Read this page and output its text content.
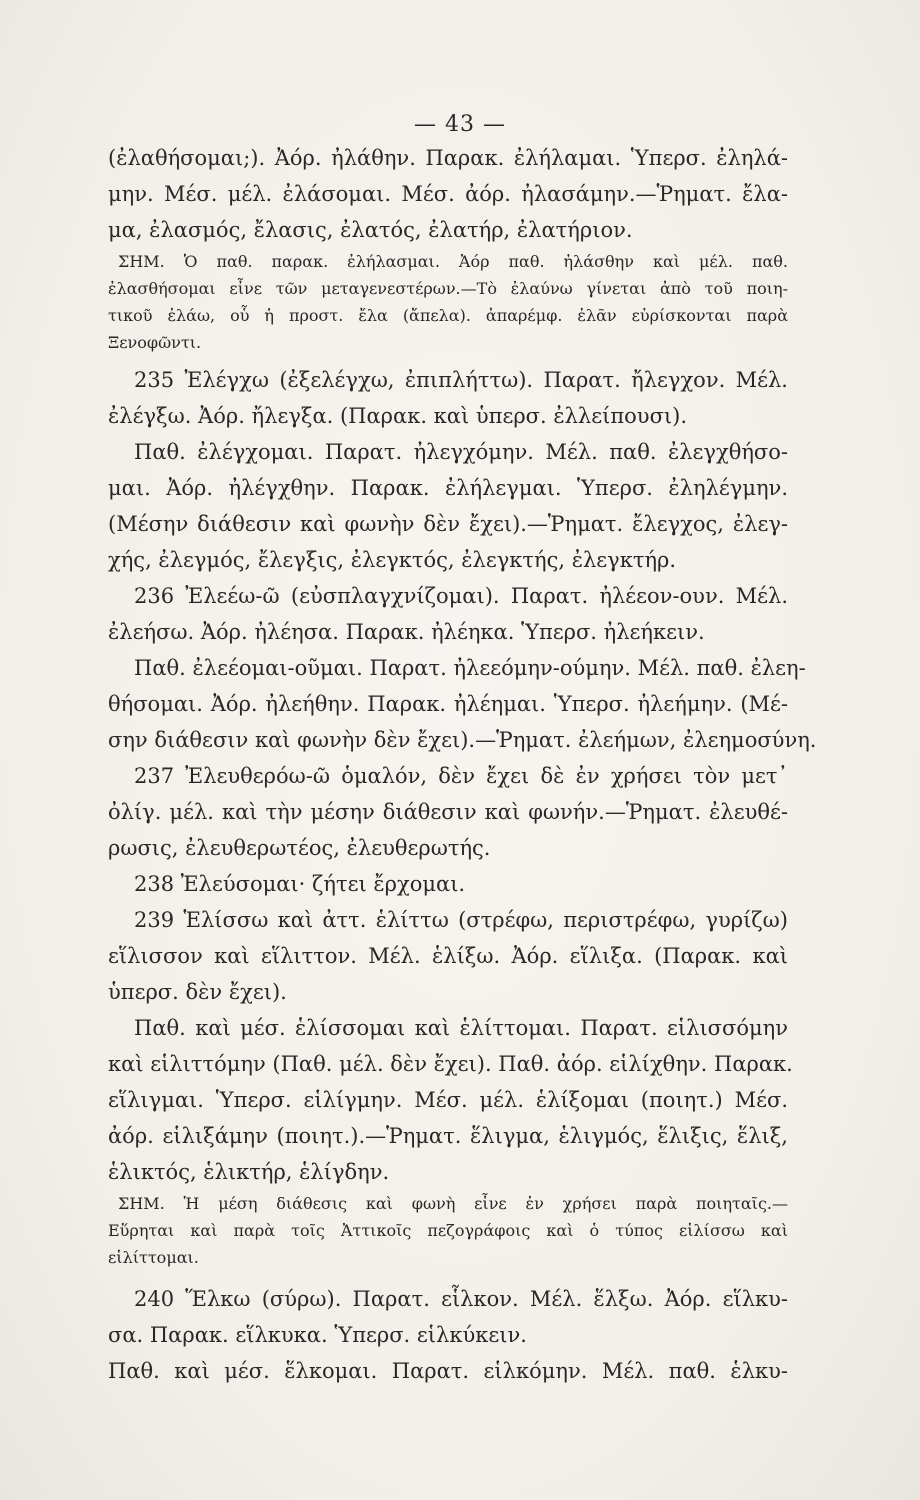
— 43 —
(ἐλαθήσομαι;). Ἀόρ. ἠλάθην. Παρακ. ἐλήλαμαι. Ὑπερσ. ἐληλά-
μην. Μέσ. μέλ. ἐλάσομαι. Μέσ. ἀόρ. ἠλασάμην.—Ῥηματ. ἔλα-
μα, ἐλασμός, ἔλασις, ἐλατός, ἐλατήρ, ἐλατήριον.
ΣΗΜ. Ὁ παθ. παρακ. ἐλήλασμαι. Ἀόρ παθ. ἠλάσθην καὶ μέλ. παθ.
ἐλασθήσομαι εἶνε τῶν μεταγενεστέρων.—Τὸ ἐλαύνω γίνεται ἀπὸ τοῦ ποιη-
τικοῦ ἐλάω, οὗ ἡ προστ. ἔλα (ἄπελα). ἀπαρέμφ. ἐλᾶν εὑρίσκονται παρὰ
Ξενοφῶντι.
235 Ἐλέγχω (ἐξελέγχω, ἐπιπλήττω). Παρατ. ἤλεγχον. Μέλ.
ἐλέγξω. Ἀόρ. ἤλεγξα. (Παρακ. καὶ ὑπερσ. ἐλλείπουσι).
Παθ. ἐλέγχομαι. Παρατ. ἠλεγχόμην. Μέλ. παθ. ἐλεγχθήσο-
μαι. Ἀόρ. ἠλέγχθην. Παρακ. ἐλήλεγμαι. Ὑπερσ. ἐληλέγμην.
(Μέσην διάθεσιν καὶ φωνὴν δὲν ἔχει).—Ῥηματ. ἔλεγχος, ἐλεγ-
χής, ἐλεγμός, ἔλεγξις, ἐλεγκτός, ἐλεγκτής, ἐλεγκτήρ.
236 Ἐλεέω-ῶ (εὐσπλαγχνίζομαι). Παρατ. ἠλέεον-ουν. Μέλ.
ἐλεήσω. Ἀόρ. ἠλέησα. Παρακ. ἠλέηκα. Ὑπερσ. ἠλεήκειν.
Παθ. ἐλεέομαι-οῦμαι. Παρατ. ἠλεεόμην-ούμην. Μέλ. παθ. ἐλεη-
θήσομαι. Ἀόρ. ἠλεήθην. Παρακ. ἠλέημαι. Ὑπερσ. ἠλεήμην. (Μέ-
σην διάθεσιν καὶ φωνὴν δὲν ἔχει).—Ῥηματ. ἐλεήμων, ἐλεημοσύνη.
237 Ἐλευθερόω-ῶ ὁμαλόν, δὲν ἔχει δὲ ἐν χρήσει τὸν μετ᾽
ὀλίγ. μέλ. καὶ τὴν μέσην διάθεσιν καὶ φωνήν.—Ῥηματ. ἐλευθέ-
ρωσις, ἐλευθερωτέος, ἐλευθερωτής.
238 Ἐλεύσομαι· ζήτει ἔρχομαι.
239 Ἑλίσσω καὶ ἀττ. ἑλίττω (στρέφω, περιστρέφω, γυρίζω)
εἵλισσον καὶ εἵλιττον. Μέλ. ἑλίξω. Ἀόρ. εἵλιξα. (Παρακ. καὶ
ὑπερσ. δὲν ἔχει).
Παθ. καὶ μέσ. ἑλίσσομαι καὶ ἑλίττομαι. Παρατ. εἱλισσόμην
καὶ εἱλιττόμην (Παθ. μέλ. δὲν ἔχει). Παθ. ἀόρ. εἱλίχθην. Παρακ.
εἵλιγμαι. Ὑπερσ. εἱλίγμην. Μέσ. μέλ. ἑλίξομαι (ποιητ.) Μέσ.
ἀόρ. εἱλιξάμην (ποιητ.).—Ῥηματ. ἕλιγμα, ἑλιγμός, ἕλιξις, ἕλιξ,
ἑλικτός, ἑλικτήρ, ἑλίγδην.
ΣΗΜ. Ἡ μέση διάθεσις καὶ φωνὴ εἶνε ἐν χρήσει παρὰ ποιηταῖς.—
Εὕρηται καὶ παρὰ τοῖς Ἀττικοῖς πεζογράφοις καὶ ὁ τύπος εἱλίσσω καὶ
εἱλίττομαι.
240 Ἕλκω (σύρω). Παρατ. εἷλκον. Μέλ. ἕλξω. Ἀόρ. εἵλκυ-
σα. Παρακ. εἵλκυκα. Ὑπερσ. εἱλκύκειν.
Παθ. καὶ μέσ. ἕλκομαι. Παρατ. εἱλκόμην. Μέλ. παθ. ἑλκυ-
